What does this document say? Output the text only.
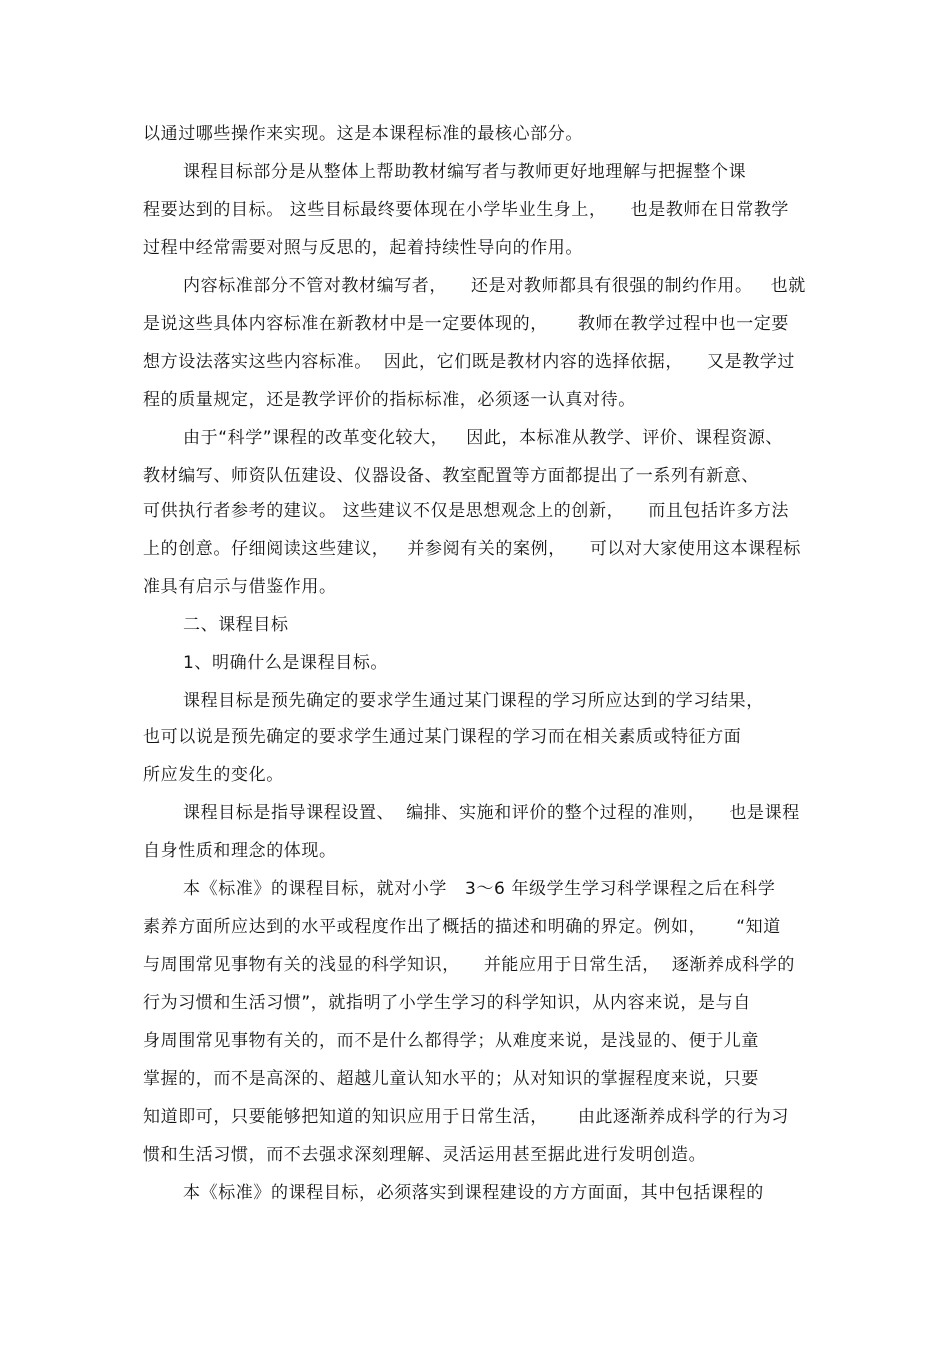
以通过哪些操作来实现。这是本课程标准的最核心部分。
课程目标部分是从整体上帮助教材编写者与教师更好地理解与把握整个课
程要达到的目标。 这些目标最终要体现在小学毕业生身上，    也是教师在日常教学
过程中经常需要对照与反思的，起着持续性导向的作用。
内容标准部分不管对教材编写者，    还是对教师都具有很强的制约作用。   也就
是说这些具体内容标准在新教材中是一定要体现的，     教师在教学过程中也一定要
想方设法落实这些内容标准。  因此，它们既是教材内容的选择依据，    又是教学过
程的质量规定，还是教学评价的指标标准，必须逐一认真对待。
由于“科学”课程的改革变化较大，   因此，本标准从教学、评价、课程资源、
教材编写、师资队伍建设、仪器设备、教室配置等方面都提出了一系列有新意、
可供执行者参考的建议。 这些建议不仅是思想观念上的创新，    而且包括许多方法
上的创意。仔细阅读这些建议，   并参阅有关的案例，    可以对大家使用这本课程标
准具有启示与借鉴作用。
二、课程目标
1、明确什么是课程目标。
课程目标是预先确定的要求学生通过某门课程的学习所应达到的学习结果，
也可以说是预先确定的要求学生通过某门课程的学习而在相关素质或特征方面
所应发生的变化。
课程目标是指导课程设置、  编排、实施和评价的整个过程的准则，    也是课程
自身性质和理念的体现。
本《标准》的课程目标，就对小学   3～6 年级学生学习科学课程之后在科学
素养方面所应达到的水平或程度作出了概括的描述和明确的界定。例如，     “知道
与周围常见事物有关的浅显的科学知识，    并能应用于日常生活，  逐渐养成科学的
行为习惯和生活习惯”，就指明了小学生学习的科学知识，从内容来说，是与自
身周围常见事物有关的，而不是什么都得学；从难度来说，是浅显的、便于儿童
掌握的，而不是高深的、超越儿童认知水平的；从对知识的掌握程度来说，只要
知道即可，只要能够把知道的知识应用于日常生活，     由此逐渐养成科学的行为习
惯和生活习惯，而不去强求深刻理解、灵活运用甚至据此进行发明创造。
本《标准》的课程目标，必须落实到课程建设的方方面面，其中包括课程的
